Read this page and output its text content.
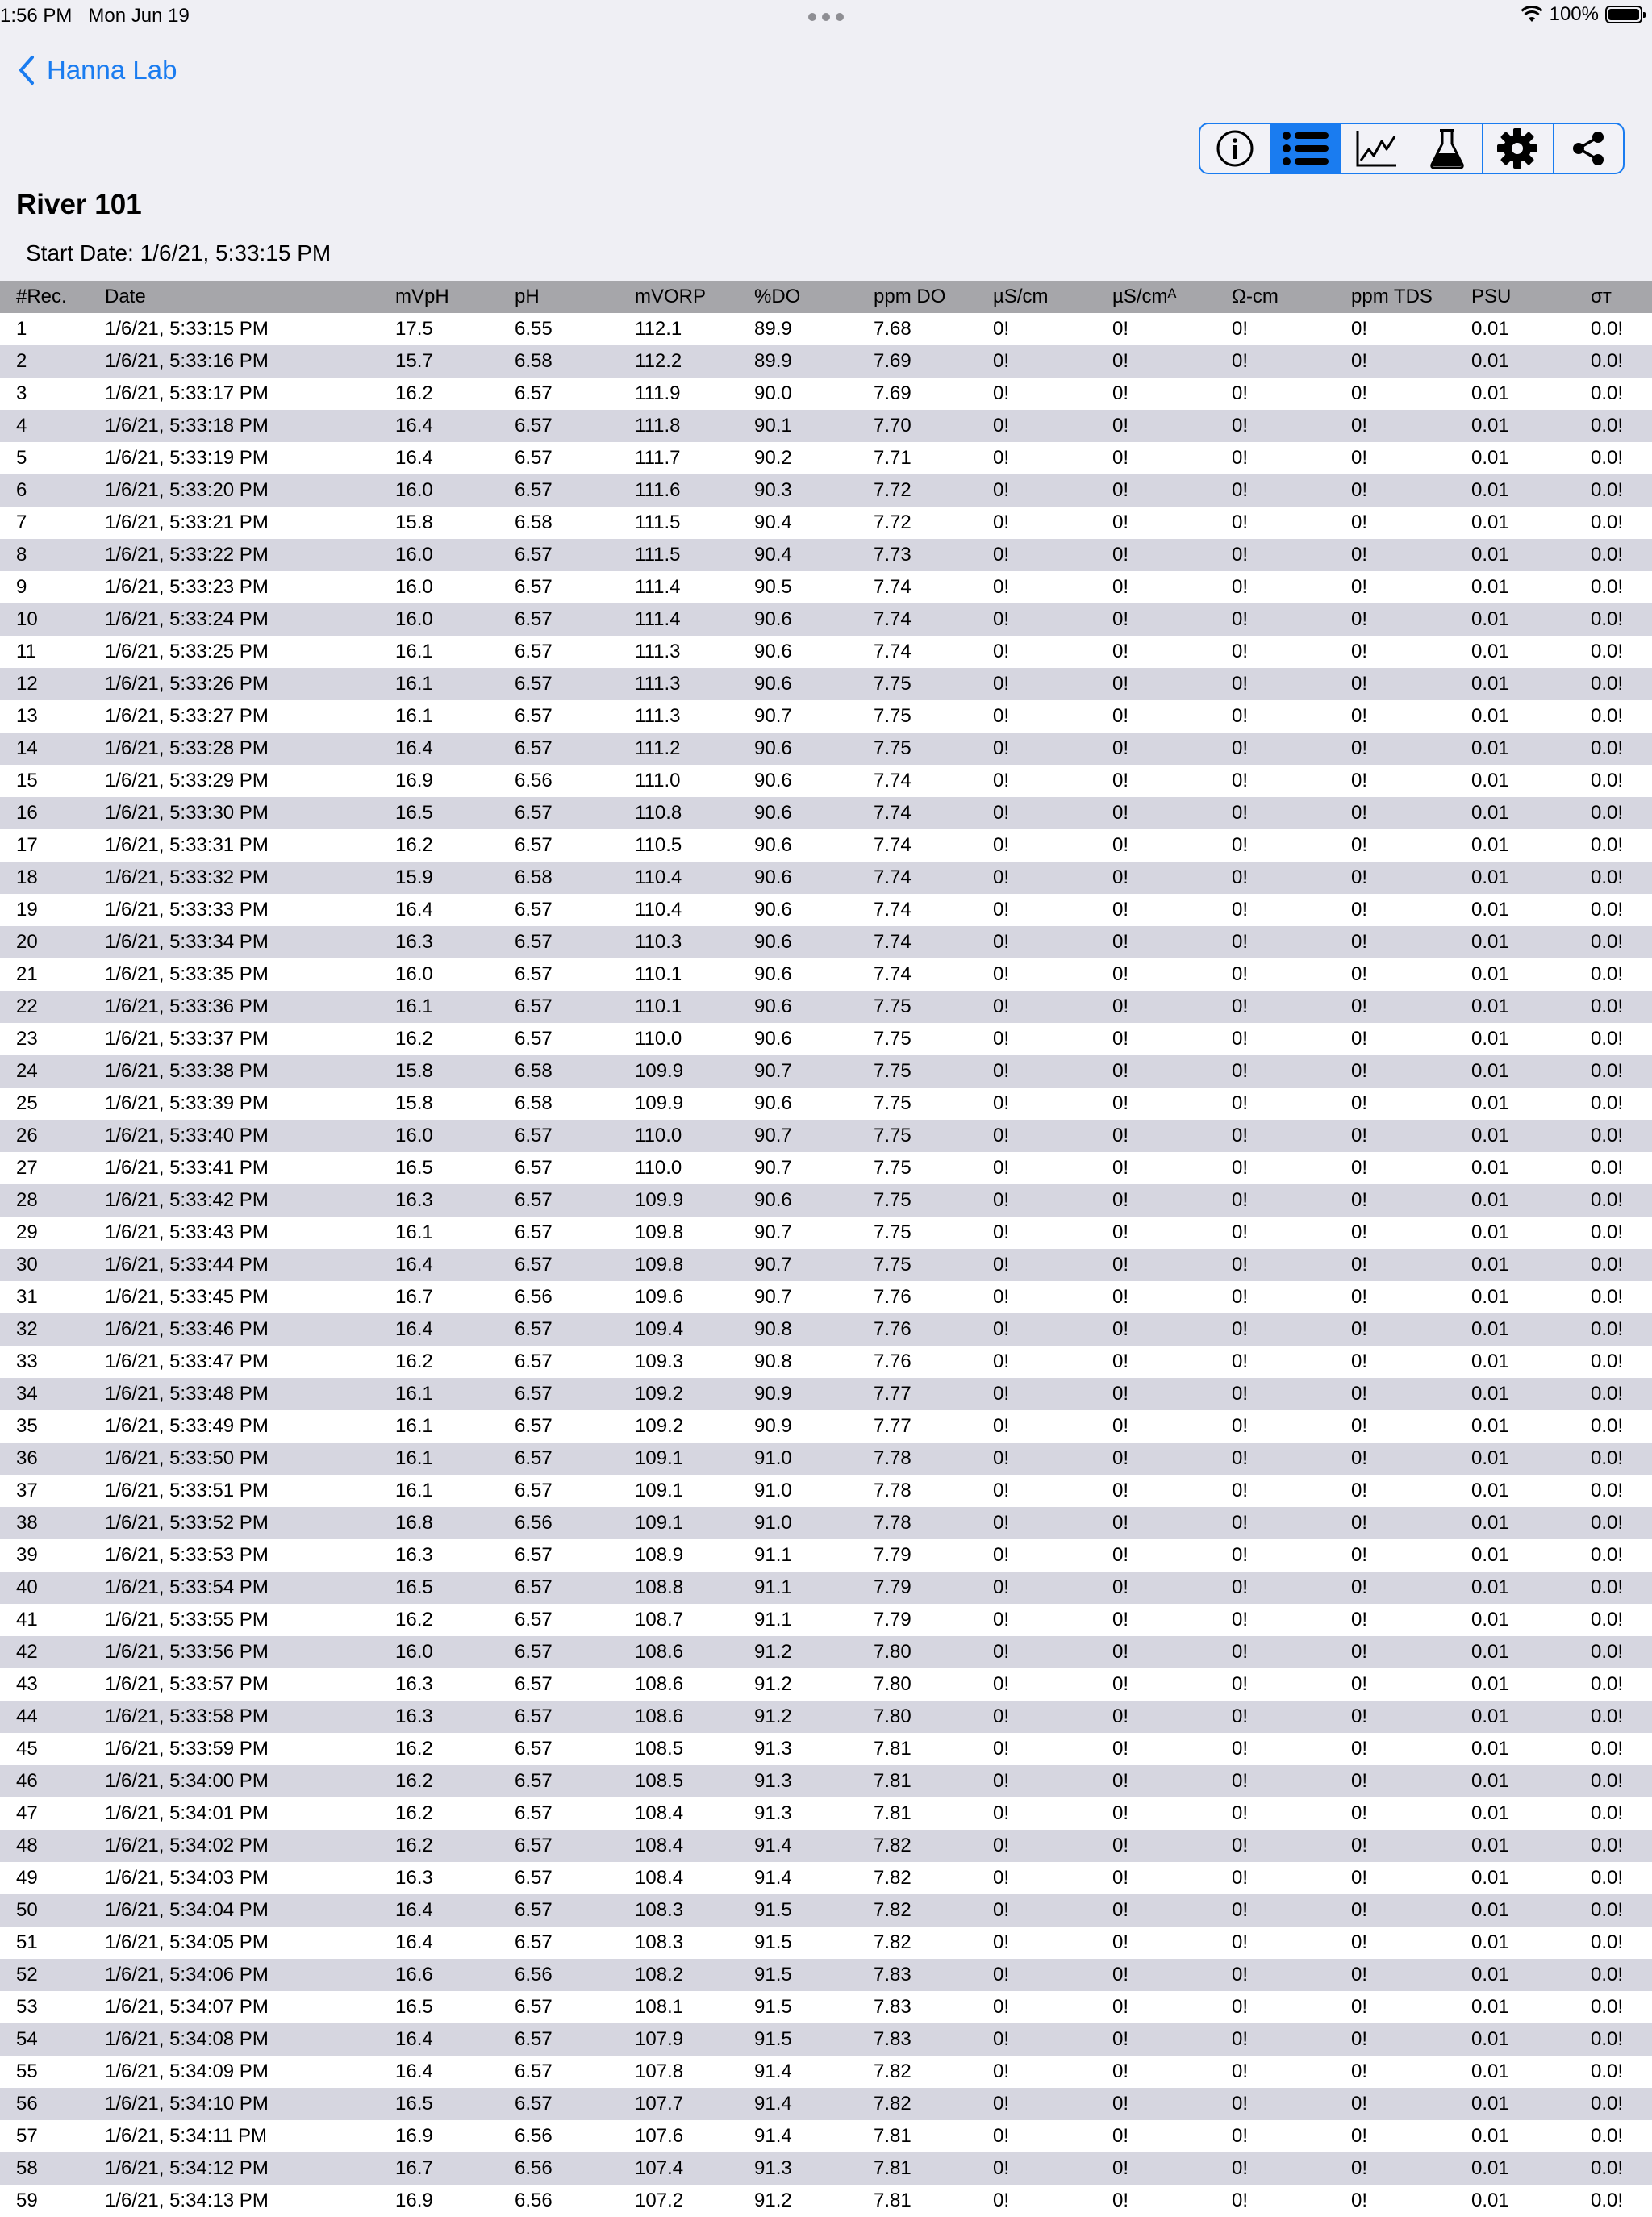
1:56 PM Mon Jun 19	100%
Hanna Lab
River 101
Start Date: 1/6/21, 5:33:15 PM
#Rec.	Date	mVpH	pH	mVORP	%DO	ppm DO	µS/cm	µS/cmᴬ	Ω-cm	ppm TDS	PSU	σт
1	1/6/21, 5:33:15 PM	17.5	6.55	112.1	89.9	7.68	0!	0!	0!	0!	0.01	0.0!
2	1/6/21, 5:33:16 PM	15.7	6.58	112.2	89.9	7.69	0!	0!	0!	0!	0.01	0.0!
3	1/6/21, 5:33:17 PM	16.2	6.57	111.9	90.0	7.69	0!	0!	0!	0!	0.01	0.0!
4	1/6/21, 5:33:18 PM	16.4	6.57	111.8	90.1	7.70	0!	0!	0!	0!	0.01	0.0!
5	1/6/21, 5:33:19 PM	16.4	6.57	111.7	90.2	7.71	0!	0!	0!	0!	0.01	0.0!
6	1/6/21, 5:33:20 PM	16.0	6.57	111.6	90.3	7.72	0!	0!	0!	0!	0.01	0.0!
7	1/6/21, 5:33:21 PM	15.8	6.58	111.5	90.4	7.72	0!	0!	0!	0!	0.01	0.0!
8	1/6/21, 5:33:22 PM	16.0	6.57	111.5	90.4	7.73	0!	0!	0!	0!	0.01	0.0!
9	1/6/21, 5:33:23 PM	16.0	6.57	111.4	90.5	7.74	0!	0!	0!	0!	0.01	0.0!
10	1/6/21, 5:33:24 PM	16.0	6.57	111.4	90.6	7.74	0!	0!	0!	0!	0.01	0.0!
11	1/6/21, 5:33:25 PM	16.1	6.57	111.3	90.6	7.74	0!	0!	0!	0!	0.01	0.0!
12	1/6/21, 5:33:26 PM	16.1	6.57	111.3	90.6	7.75	0!	0!	0!	0!	0.01	0.0!
13	1/6/21, 5:33:27 PM	16.1	6.57	111.3	90.7	7.75	0!	0!	0!	0!	0.01	0.0!
14	1/6/21, 5:33:28 PM	16.4	6.57	111.2	90.6	7.75	0!	0!	0!	0!	0.01	0.0!
15	1/6/21, 5:33:29 PM	16.9	6.56	111.0	90.6	7.74	0!	0!	0!	0!	0.01	0.0!
16	1/6/21, 5:33:30 PM	16.5	6.57	110.8	90.6	7.74	0!	0!	0!	0!	0.01	0.0!
17	1/6/21, 5:33:31 PM	16.2	6.57	110.5	90.6	7.74	0!	0!	0!	0!	0.01	0.0!
18	1/6/21, 5:33:32 PM	15.9	6.58	110.4	90.6	7.74	0!	0!	0!	0!	0.01	0.0!
19	1/6/21, 5:33:33 PM	16.4	6.57	110.4	90.6	7.74	0!	0!	0!	0!	0.01	0.0!
20	1/6/21, 5:33:34 PM	16.3	6.57	110.3	90.6	7.74	0!	0!	0!	0!	0.01	0.0!
21	1/6/21, 5:33:35 PM	16.0	6.57	110.1	90.6	7.74	0!	0!	0!	0!	0.01	0.0!
22	1/6/21, 5:33:36 PM	16.1	6.57	110.1	90.6	7.75	0!	0!	0!	0!	0.01	0.0!
23	1/6/21, 5:33:37 PM	16.2	6.57	110.0	90.6	7.75	0!	0!	0!	0!	0.01	0.0!
24	1/6/21, 5:33:38 PM	15.8	6.58	109.9	90.7	7.75	0!	0!	0!	0!	0.01	0.0!
25	1/6/21, 5:33:39 PM	15.8	6.58	109.9	90.6	7.75	0!	0!	0!	0!	0.01	0.0!
26	1/6/21, 5:33:40 PM	16.0	6.57	110.0	90.7	7.75	0!	0!	0!	0!	0.01	0.0!
27	1/6/21, 5:33:41 PM	16.5	6.57	110.0	90.7	7.75	0!	0!	0!	0!	0.01	0.0!
28	1/6/21, 5:33:42 PM	16.3	6.57	109.9	90.6	7.75	0!	0!	0!	0!	0.01	0.0!
29	1/6/21, 5:33:43 PM	16.1	6.57	109.8	90.7	7.75	0!	0!	0!	0!	0.01	0.0!
30	1/6/21, 5:33:44 PM	16.4	6.57	109.8	90.7	7.75	0!	0!	0!	0!	0.01	0.0!
31	1/6/21, 5:33:45 PM	16.7	6.56	109.6	90.7	7.76	0!	0!	0!	0!	0.01	0.0!
32	1/6/21, 5:33:46 PM	16.4	6.57	109.4	90.8	7.76	0!	0!	0!	0!	0.01	0.0!
33	1/6/21, 5:33:47 PM	16.2	6.57	109.3	90.8	7.76	0!	0!	0!	0!	0.01	0.0!
34	1/6/21, 5:33:48 PM	16.1	6.57	109.2	90.9	7.77	0!	0!	0!	0!	0.01	0.0!
35	1/6/21, 5:33:49 PM	16.1	6.57	109.2	90.9	7.77	0!	0!	0!	0!	0.01	0.0!
36	1/6/21, 5:33:50 PM	16.1	6.57	109.1	91.0	7.78	0!	0!	0!	0!	0.01	0.0!
37	1/6/21, 5:33:51 PM	16.1	6.57	109.1	91.0	7.78	0!	0!	0!	0!	0.01	0.0!
38	1/6/21, 5:33:52 PM	16.8	6.56	109.1	91.0	7.78	0!	0!	0!	0!	0.01	0.0!
39	1/6/21, 5:33:53 PM	16.3	6.57	108.9	91.1	7.79	0!	0!	0!	0!	0.01	0.0!
40	1/6/21, 5:33:54 PM	16.5	6.57	108.8	91.1	7.79	0!	0!	0!	0!	0.01	0.0!
41	1/6/21, 5:33:55 PM	16.2	6.57	108.7	91.1	7.79	0!	0!	0!	0!	0.01	0.0!
42	1/6/21, 5:33:56 PM	16.0	6.57	108.6	91.2	7.80	0!	0!	0!	0!	0.01	0.0!
43	1/6/21, 5:33:57 PM	16.3	6.57	108.6	91.2	7.80	0!	0!	0!	0!	0.01	0.0!
44	1/6/21, 5:33:58 PM	16.3	6.57	108.6	91.2	7.80	0!	0!	0!	0!	0.01	0.0!
45	1/6/21, 5:33:59 PM	16.2	6.57	108.5	91.3	7.81	0!	0!	0!	0!	0.01	0.0!
46	1/6/21, 5:34:00 PM	16.2	6.57	108.5	91.3	7.81	0!	0!	0!	0!	0.01	0.0!
47	1/6/21, 5:34:01 PM	16.2	6.57	108.4	91.3	7.81	0!	0!	0!	0!	0.01	0.0!
48	1/6/21, 5:34:02 PM	16.2	6.57	108.4	91.4	7.82	0!	0!	0!	0!	0.01	0.0!
49	1/6/21, 5:34:03 PM	16.3	6.57	108.4	91.4	7.82	0!	0!	0!	0!	0.01	0.0!
50	1/6/21, 5:34:04 PM	16.4	6.57	108.3	91.5	7.82	0!	0!	0!	0!	0.01	0.0!
51	1/6/21, 5:34:05 PM	16.4	6.57	108.3	91.5	7.82	0!	0!	0!	0!	0.01	0.0!
52	1/6/21, 5:34:06 PM	16.6	6.56	108.2	91.5	7.83	0!	0!	0!	0!	0.01	0.0!
53	1/6/21, 5:34:07 PM	16.5	6.57	108.1	91.5	7.83	0!	0!	0!	0!	0.01	0.0!
54	1/6/21, 5:34:08 PM	16.4	6.57	107.9	91.5	7.83	0!	0!	0!	0!	0.01	0.0!
55	1/6/21, 5:34:09 PM	16.4	6.57	107.8	91.4	7.82	0!	0!	0!	0!	0.01	0.0!
56	1/6/21, 5:34:10 PM	16.5	6.57	107.7	91.4	7.82	0!	0!	0!	0!	0.01	0.0!
57	1/6/21, 5:34:11 PM	16.9	6.56	107.6	91.4	7.81	0!	0!	0!	0!	0.01	0.0!
58	1/6/21, 5:34:12 PM	16.7	6.56	107.4	91.3	7.81	0!	0!	0!	0!	0.01	0.0!
59	1/6/21, 5:34:13 PM	16.9	6.56	107.2	91.2	7.81	0!	0!	0!	0!	0.01	0.0!
